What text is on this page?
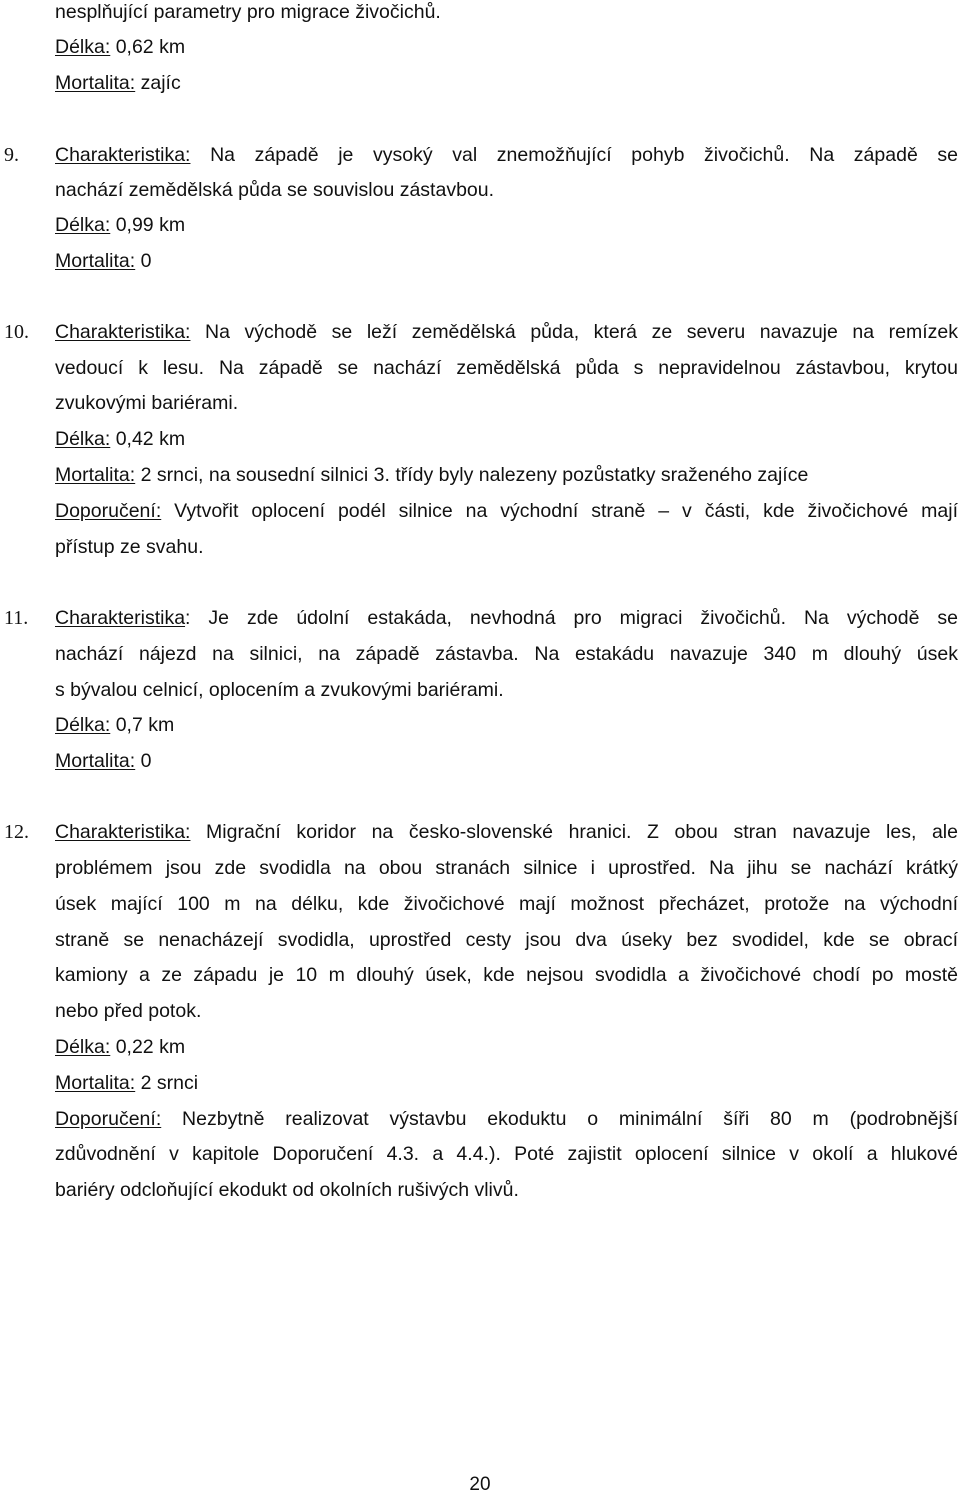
nesplňující parametry pro migrace živočichů.
Délka: 0,62 km
Mortalita: zajíc
9. Charakteristika: Na západě je vysoký val znemožňující pohyb živočichů. Na západě se
nachází zemědělská půda se souvislou zástavbou.
Délka: 0,99 km
Mortalita: 0
10. Charakteristika: Na východě se leží zemědělská půda, která ze severu navazuje na remízek
vedoucí k lesu. Na západě se nachází zemědělská půda s nepravidelnou zástavbou, krytou
zvukovými bariérami.
Délka: 0,42 km
Mortalita: 2 srnci, na sousední silnici 3. třídy byly nalezeny pozůstatky sraženého zajíce
Doporučení: Vytvořit oplocení podél silnice na východní straně – v části, kde živočichové mají
přístup ze svahu.
11. Charakteristika: Je zde údolní estakáda, nevhodná pro migraci živočichů. Na východě se
nachází nájezd na silnici, na západě zástavba. Na estakádu navazuje 340 m dlouhý úsek
s bývalou celnicí, oplocením a zvukovými bariérami.
Délka: 0,7 km
Mortalita: 0
12. Charakteristika: Migrační koridor na česko-slovenské hranici. Z obou stran navazuje les, ale
problémem jsou zde svodidla na obou stranách silnice i uprostřed. Na jihu se nachází krátký
úsek mající 100 m na délku, kde živočichové mají možnost přecházet, protože na východní
straně se nenacházejí svodidla, uprostřed cesty jsou dva úseky bez svodidel, kde se obrací
kamiony a ze západu je 10 m dlouhý úsek, kde nejsou svodidla a živočichové chodí po mostě
nebo před potok.
Délka: 0,22 km
Mortalita: 2 srnci
Doporučení: Nezbytně realizovat výstavbu ekoduktu o minimální šíři 80 m (podrobnější
zdůvodnění v kapitole Doporučení 4.3. a 4.4.). Poté zajistit oplocení silnice v okolí a hlukové
bariéry odcloňující ekodukt od okolních rušivých vlivů.
20
